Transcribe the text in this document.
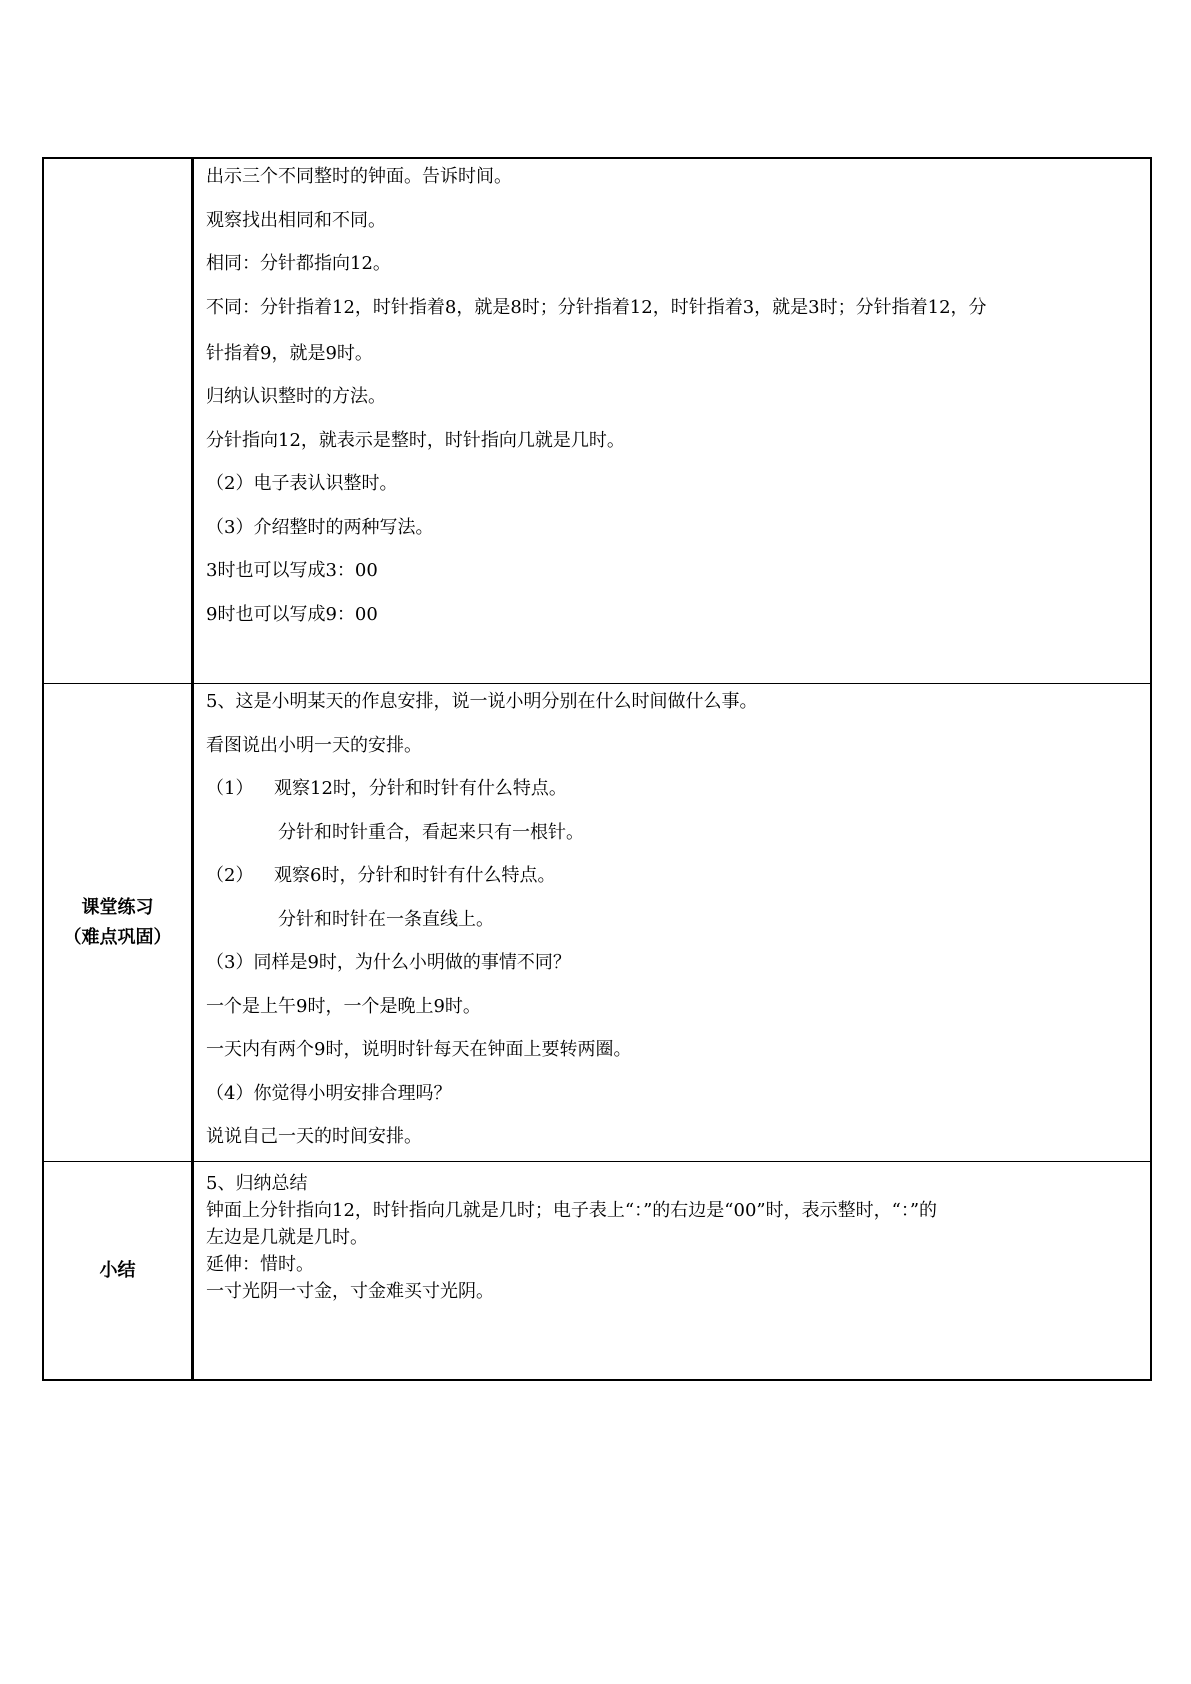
出示三个不同整时的钟面。告诉时间。
观察找出相同和不同。
相同：分针都指向12。
不同：分针指着12，时针指着8，就是8时；分针指着12，时针指着3，就是3时；分针指着12，分
针指着9，就是9时。
归纳认识整时的方法。
分针指向12，就表示是整时，时针指向几就是几时。
（2）电子表认识整时。
（3）介绍整时的两种写法。
3时也可以写成3：00
9时也可以写成9：00
课堂练习
（难点巩固）
5、这是小明某天的作息安排，说一说小明分别在什么时间做什么事。
看图说出小明一天的安排。
（1） 观察12时，分针和时针有什么特点。
分针和时针重合，看起来只有一根针。
（2） 观察6时，分针和时针有什么特点。
分针和时针在一条直线上。
（3）同样是9时，为什么小明做的事情不同？
一个是上午9时，一个是晚上9时。
一天内有两个9时，说明时针每天在钟面上要转两圈。
（4）你觉得小明安排合理吗？
说说自己一天的时间安排。
小结
5、归纳总结
钟面上分针指向12，时针指向几就是几时；电子表上“：”的右边是“00”时，表示整时，“：”的
左边是几就是几时。
延伸：惜时。
一寸光阴一寸金，寸金难买寸光阴。
